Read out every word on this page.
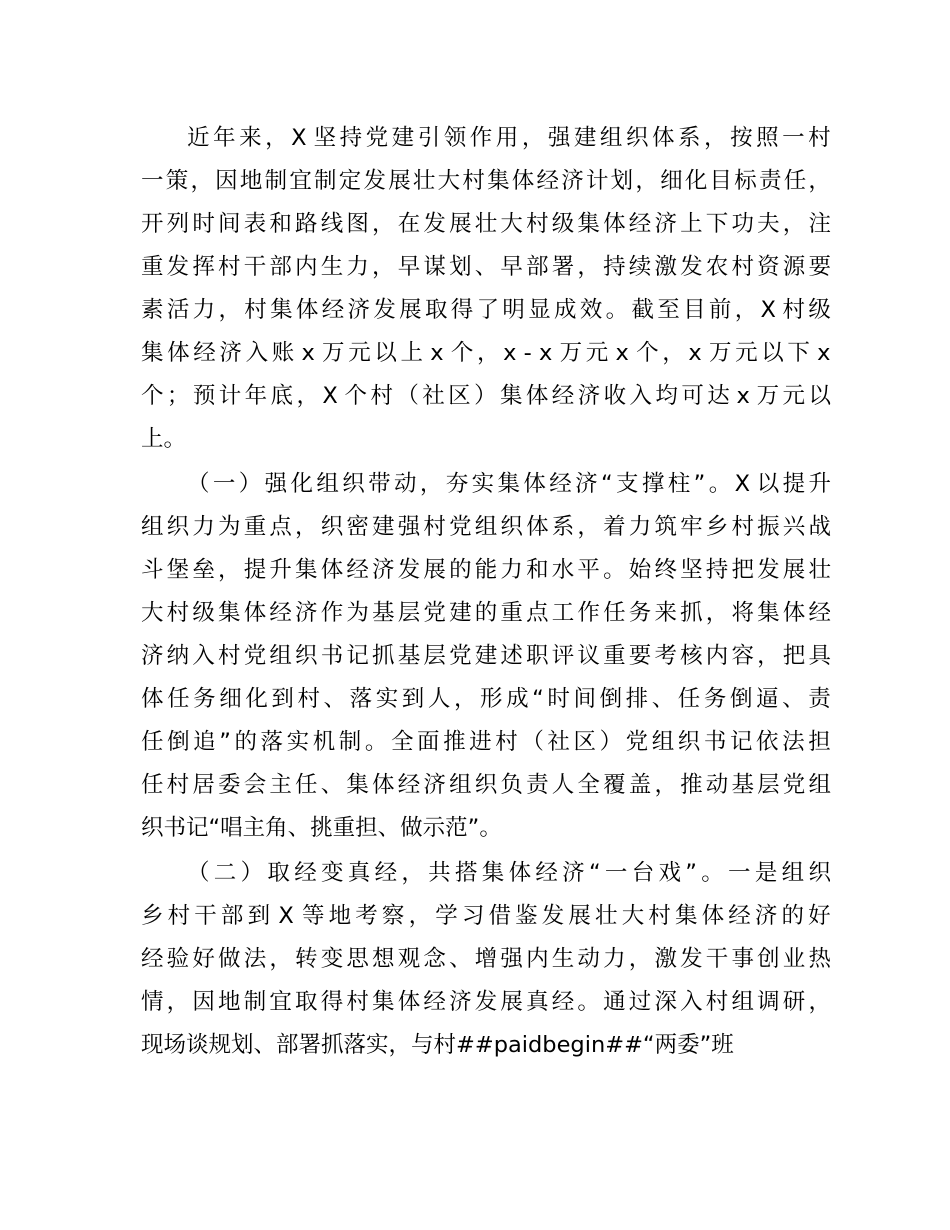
近 年 来 ， X 坚 持 党 建 引 领 作 用 ， 强 建 组 织 体 系 ， 按 照 一 村
一 策 ， 因 地 制 宜 制 定 发 展 壮 大 村 集 体 经 济 计 划 ， 细 化 目 标 责 任 ，
开 列 时 间 表 和 路 线 图 ， 在 发 展 壮 大 村 级 集 体 经 济 上 下 功 夫 ， 注
重 发 挥 村 干 部 内 生 力 ， 早 谋 划 、 早 部 署 ， 持 续 激 发 农 村 资 源 要
素 活 力 ， 村 集 体 经 济 发 展 取 得 了 明 显 成 效 。 截 至 目 前 ， X 村 级
集 体 经 济 入 账 x 万 元 以 上 x 个 ， x - x 万 元 x 个 ， x 万 元 以 下 x
个 ； 预 计 年 底 ， X 个 村 （ 社 区 ） 集 体 经 济 收 入 均 可 达 x 万 元 以
上。
（ 一 ） 强 化 组 织 带 动 ， 夯 实 集 体 经 济 “ 支 撑 柱 ” 。 X 以 提 升
组 织 力 为 重 点 ， 织 密 建 强 村 党 组 织 体 系 ， 着 力 筑 牢 乡 村 振 兴 战
斗 堡 垒 ， 提 升 集 体 经 济 发 展 的 能 力 和 水 平 。 始 终 坚 持 把 发 展 壮
大 村 级 集 体 经 济 作 为 基 层 党 建 的 重 点 工 作 任 务 来 抓 ， 将 集 体 经
济 纳 入 村 党 组 织 书 记 抓 基 层 党 建 述 职 评 议 重 要 考 核 内 容 ， 把 具
体 任 务 细 化 到 村 、 落 实 到 人 ， 形 成 “ 时 间 倒 排 、 任 务 倒 逼 、 责
任 倒 追 ” 的 落 实 机 制 。 全 面 推 进 村 （ 社 区 ） 党 组 织 书 记 依 法 担
任 村 居 委 会 主 任 、 集 体 经 济 组 织 负 责 人 全 覆 盖 ， 推 动 基 层 党 组
织书记“唱主角、挑重担、做示范”。
（ 二 ） 取 经 变 真 经 ， 共 搭 集 体 经 济 “ 一 台 戏 ” 。 一 是 组 织
乡 村 干 部 到 X 等 地 考 察 ， 学 习 借 鉴 发 展 壮 大 村 集 体 经 济 的 好
经 验 好 做 法 ， 转 变 思 想 观 念 、 增 强 内 生 动 力 ， 激 发 干 事 创 业 热
情 ， 因 地 制 宜 取 得 村 集 体 经 济 发 展 真 经 。 通 过 深 入 村 组 调 研 ，
现场谈规划、部署抓落实，与村##paidbegin##“两委”班
